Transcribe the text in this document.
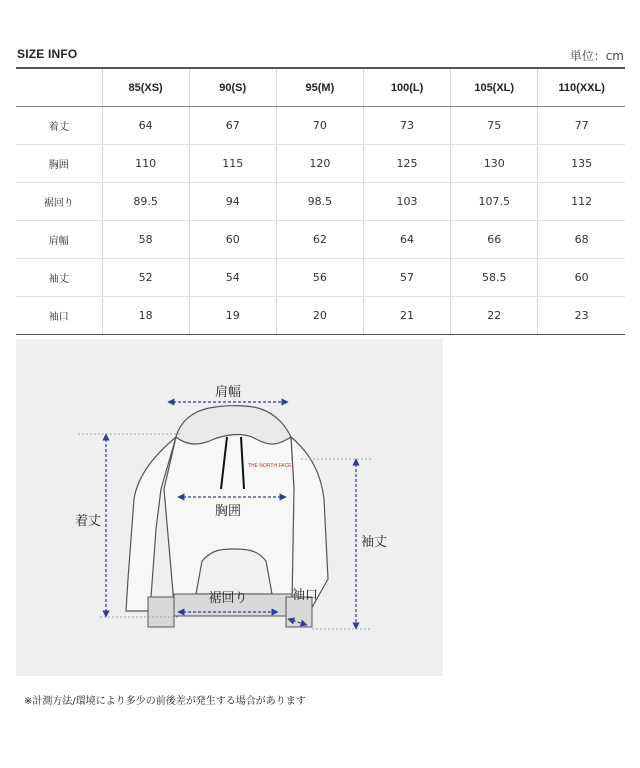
SIZE INFO	単位：cm
	85(XS)	90(S)	95(M)	100(L)	105(XL)	110(XXL)
着丈	64	67	70	73	75	77
胸囲	110	115	120	125	130	135
裾回り	89.5	94	98.5	103	107.5	112
肩幅	58	60	62	64	66	68
袖丈	52	54	56	57	58.5	60
袖口	18	19	20	21	22	23
THE NORTH FACE
肩幅
着丈
胸囲
袖丈
裾回り	袖口
※計測方法/環境により多少の前後差が発生する場合があります
